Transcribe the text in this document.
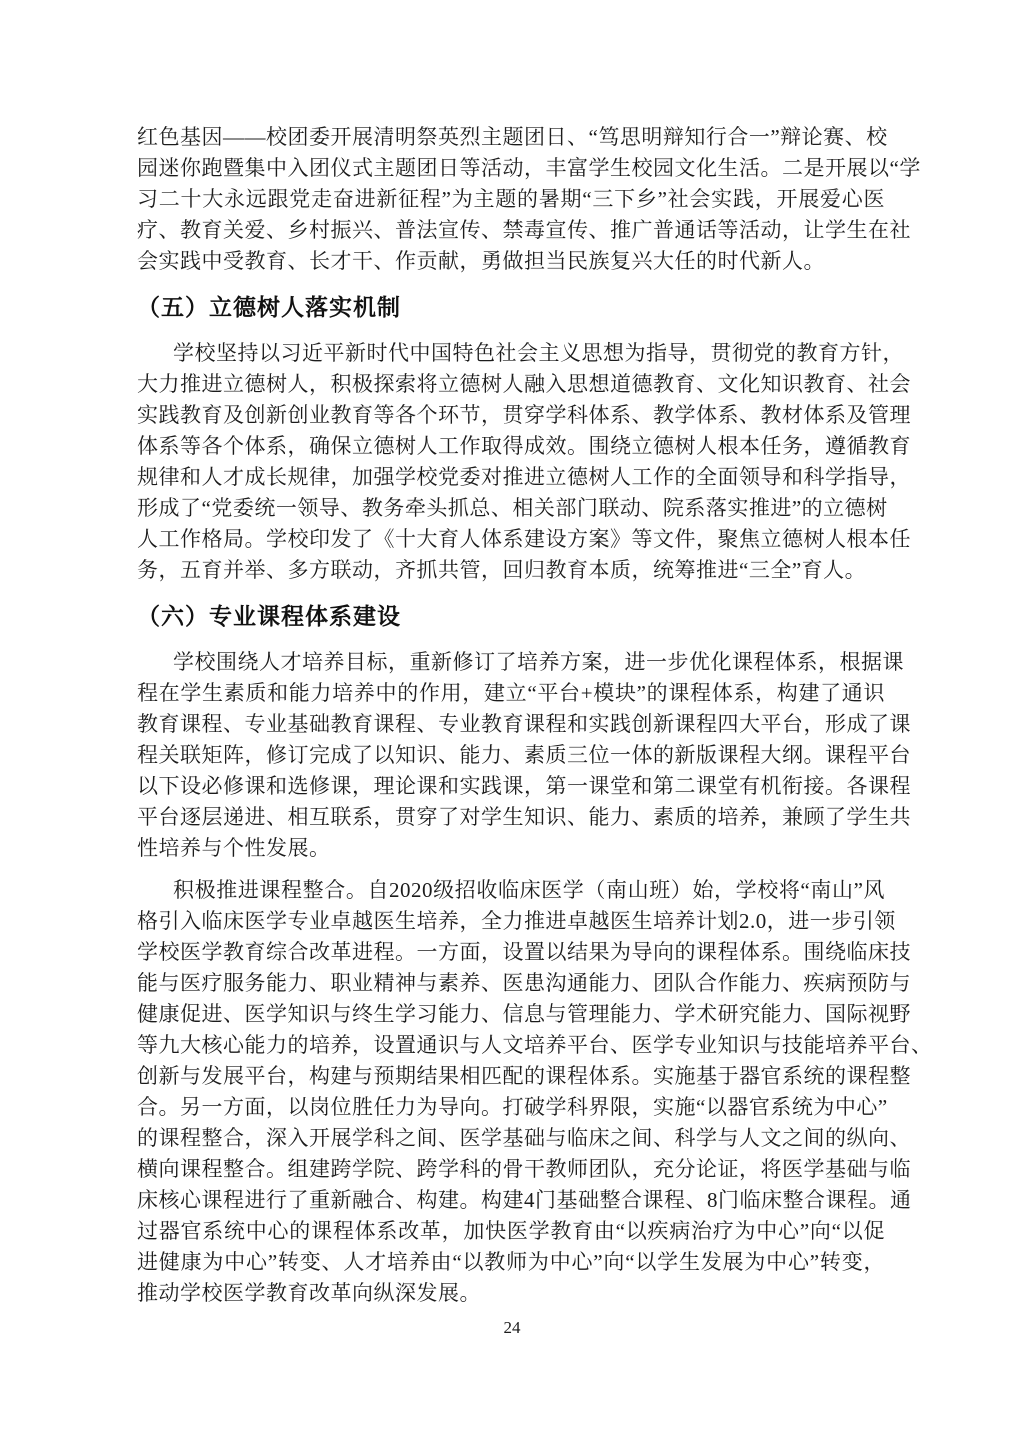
红色基因——校团委开展清明祭英烈主题团日、“笃思明辩知行合一”辩论赛、校
园迷你跑暨集中入团仪式主题团日等活动，丰富学生校园文化生活。二是开展以“学
习二十大永远跟党走奋进新征程”为主题的暑期“三下乡”社会实践，开展爱心医
疗、教育关爱、乡村振兴、普法宣传、禁毒宣传、推广普通话等活动，让学生在社
会实践中受教育、长才干、作贡献，勇做担当民族复兴大任的时代新人。
（五）立德树人落实机制
学校坚持以习近平新时代中国特色社会主义思想为指导，贯彻党的教育方针，
大力推进立德树人，积极探索将立德树人融入思想道德教育、文化知识教育、社会
实践教育及创新创业教育等各个环节，贯穿学科体系、教学体系、教材体系及管理
体系等各个体系，确保立德树人工作取得成效。围绕立德树人根本任务，遵循教育
规律和人才成长规律，加强学校党委对推进立德树人工作的全面领导和科学指导，
形成了“党委统一领导、教务牵头抓总、相关部门联动、院系落实推进”的立德树
人工作格局。学校印发了《十大育人体系建设方案》等文件，聚焦立德树人根本任
务，五育并举、多方联动，齐抓共管，回归教育本质，统筹推进“三全”育人。
（六）专业课程体系建设
学校围绕人才培养目标，重新修订了培养方案，进一步优化课程体系，根据课
程在学生素质和能力培养中的作用，建立“平台+模块”的课程体系，构建了通识
教育课程、专业基础教育课程、专业教育课程和实践创新课程四大平台，形成了课
程关联矩阵，修订完成了以知识、能力、素质三位一体的新版课程大纲。课程平台
以下设必修课和选修课，理论课和实践课，第一课堂和第二课堂有机衔接。各课程
平台逐层递进、相互联系，贯穿了对学生知识、能力、素质的培养，兼顾了学生共
性培养与个性发展。
积极推进课程整合。自2020级招收临床医学（南山班）始，学校将“南山”风
格引入临床医学专业卓越医生培养，全力推进卓越医生培养计划2.0，进一步引领
学校医学教育综合改革进程。一方面，设置以结果为导向的课程体系。围绕临床技
能与医疗服务能力、职业精神与素养、医患沟通能力、团队合作能力、疾病预防与
健康促进、医学知识与终生学习能力、信息与管理能力、学术研究能力、国际视野
等九大核心能力的培养，设置通识与人文培养平台、医学专业知识与技能培养平台、
创新与发展平台，构建与预期结果相匹配的课程体系。实施基于器官系统的课程整
合。另一方面，以岗位胜任力为导向。打破学科界限，实施“以器官系统为中心”
的课程整合，深入开展学科之间、医学基础与临床之间、科学与人文之间的纵向、
横向课程整合。组建跨学院、跨学科的骨干教师团队，充分论证，将医学基础与临
床核心课程进行了重新融合、构建。构建4门基础整合课程、8门临床整合课程。通
过器官系统中心的课程体系改革，加快医学教育由“以疾病治疗为中心”向“以促
进健康为中心”转变、人才培养由“以教师为中心”向“以学生发展为中心”转变，
推动学校医学教育改革向纵深发展。
24
